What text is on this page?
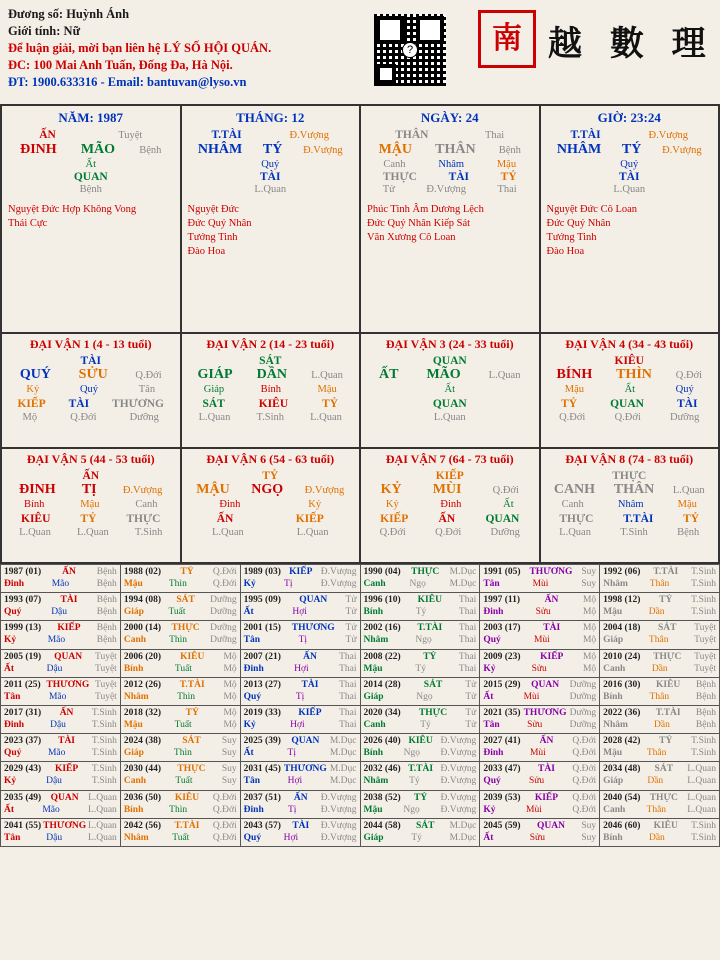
Đương số: Huỳnh Ánh
Giới tính: Nữ
Để luận giải, mời bạn liên hệ LÝ SỐ HỘI QUÁN.
ĐC: 100 Mai Anh Tuấn, Đống Đa, Hà Nội.
ĐT: 1900.633316 - Email: bantuvan@lyso.vn
?	南 越 數 理
NĂM: 1987
ẤN	Tuyệt
ĐINH MÃO Bệnh
Ất
QUAN
Bệnh
Nguyệt Đức Hợp Không Vong
Thái Cực
THÁNG: 12
T.TÀI	Đ.Vượng
NHÂM TÝ Đ.Vượng
Quý
TÀI
L.Quan
Nguyệt Đức
Đức Quý Nhân
Tướng Tinh
Đào Hoa
NGÀY: 24
THÂN	Thai
MẬU THÂN Bệnh
Canh	Nhâm	Mậu
THỰC	TÀI	TỶ
Tử	Đ.Vượng	Thai
Phúc Tinh Âm Dương Lệch
Đức Quý Nhân Kiếp Sát
Văn Xương Cô Loan
GIỜ: 23:24
T.TÀI	Đ.Vượng
NHÂM TÝ Đ.Vượng
Quý
TÀI
L.Quan
Nguyệt Đức Cô Loan
Đức Quý Nhân
Tướng Tinh
Đào Hoa
ĐẠI VẬN 1 (4 - 13 tuổi)
TÀI
QUÝ SỬU	Q.Đới
Kỷ	Quý	Tân
KIẾP TÀI THƯƠNG
Mộ	Q.Đới	Dưỡng
ĐẠI VẬN 2 (14 - 23 tuổi)
SÁT
GIÁP DẦN L.Quan
Giáp	Bính	Mậu
SÁT	KIÊU	TỶ
L.Quan T.Sinh L.Quan
ĐẠI VẬN 3 (24 - 33 tuổi)
QUAN
ẤT MÃO	L.Quan
Ất
QUAN
L.Quan
ĐẠI VẬN 4 (34 - 43 tuổi)
KIÊU
BÍNH THÌN Q.Đới
Mậu	Ất	Quý
TỶ	QUAN	TÀI
Q.Đới	Q.Đới	Dưỡng
ĐẠI VẬN 5 (44 - 53 tuổi)
ẤN
ĐINH TỊ Đ.Vượng
Bính	Mậu	Canh
KIÊU	TỶ	THỰC
L.Quan L.Quan T.Sinh
ĐẠI VẬN 6 (54 - 63 tuổi)
TỶ
MẬU NGỌ Đ.Vượng
Đinh	Kỷ
ẤN	KIẾP
L.Quan	L.Quan
ĐẠI VẬN 7 (64 - 73 tuổi)
KIẾP
KỶ MÙI	Q.Đới
Kỷ	Đinh	Ất
KIẾP	ẤN	QUAN
Q.Đới	Q.Đới	Dưỡng
ĐẠI VẬN 8 (74 - 83 tuổi)
THỰC
CANH THÂN L.Quan
Canh	Nhâm	Mậu
THỰC	T.TÀI	TỶ
L.Quan	T.Sinh	Bệnh
1987 (01) ẤN Bệnh
Đinh	Mão	Bệnh
1988 (02) TỶ Q.Đới
Mậu	Thìn	Q.Đới
1989 (03) KIẾP Đ.Vượng
Kỷ	Tị	Đ.Vượng
1990 (04) THỰC M.Dục
Canh	Ngọ	M.Dục
1991 (05) THƯƠNG Suy
Tân	Mùi	Suy
1992 (06) T.TÀI T.Sinh
Nhâm Thân T.Sinh
1993 (07) TÀI Bệnh
Quý	Dậu	Bệnh
1994 (08) SÁT Dưỡng
Giáp	Tuất	Dưỡng
1995 (09) QUAN Tử
Ất	Hợi	Tử
1996 (10) KIÊU Thai
Bính	Tý	Thai
1997 (11)	ẤN	Mộ
Đinh	Sửu	Mộ
1998 (12) TỶ T.Sinh
Mậu	Dần	T.Sinh
1999 (13) KIẾP Bệnh
Kỷ	Mão	Bệnh
2000 (14) THỰC Dưỡng
Canh Thìn Dưỡng
2001 (15) THƯƠNG Tử
Tân	Tị	Tử
2002 (16) T.TÀI Thai
Nhâm	Ngọ	Thai
2003 (17) TÀI Mộ
Quý	Mùi	Mộ
2004 (18) SÁT Tuyệt
Giáp	Thân	Tuyệt
2005 (19) QUAN Tuyệt
Ất	Dậu	Tuyệt
2006 (20) KIÊU Mộ
Bính	Tuất	Mộ
2007 (21) ẤN Thai
Đinh	Hợi	Thai
2008 (22) TỶ Thai
Mậu	Tý	Thai
2009 (23) KIẾP Mộ
Kỷ	Sửu	Mộ
2010 (24) THỰC Tuyệt
Canh	Dần	Tuyệt
2011 (25) THƯƠNG Tuyệt
Tân	Mão	Tuyệt
2012 (26) T.TÀI Mộ
Nhâm	Thìn	Mộ
2013 (27) TÀI Thai
Quý	Tị	Thai
2014 (28) SÁT Tử
Giáp	Ngọ	Tử
2015 (29) QUAN Dưỡng
Ất	Mùi	Dưỡng
2016 (30) KIÊU Bệnh
Bính	Thân	Bệnh
2017 (31) ẤN T.Sinh
Đinh	Dậu	T.Sinh
2018 (32)	TỶ	Mộ
Mậu	Tuất	Mộ
2019 (33) KIẾP Thai
Kỷ	Hợi	Thai
2020 (34) THỰC Tử
Canh	Tý	Tử
2021 (35) THƯƠNG Dưỡng
Tân	Sửu	Dưỡng
2022 (36) T.TÀI Bệnh
Nhâm	Dần	Bệnh
2023 (37) TÀI T.Sinh
Quý	Mão	T.Sinh
2024 (38) SÁT Suy
Giáp	Thìn	Suy
2025 (39) QUAN M.Dục
Ất	Tị	M.Dục
2026 (40) KIÊU Đ.Vượng
Bính Ngọ Đ.Vượng
2027 (41) ẤN Q.Đới
Đinh	Mùi	Q.Đới
2028 (42) TỶ T.Sinh
Mậu	Thân	T.Sinh
2029 (43) KIẾP T.Sinh
Kỷ	Dậu	T.Sinh
2030 (44) THỰC Suy
Canh	Tuất	Suy
2031 (45) THƯƠNG M.Dục
Tân	Hợi	M.Dục
2032 (46) T.TÀI Đ.Vượng
Nhâm Tý Đ.Vượng
2033 (47) TÀI Q.Đới
Quý	Sửu	Q.Đới
2034 (48) SÁT L.Quan
Giáp	Dần	L.Quan
2035 (49) QUAN L.Quan
Ất	Mão	L.Quan
2036 (50) KIÊU Q.Đới
Bính	Thìn	Q.Đới
2037 (51) ẤN Đ.Vượng
Đinh	Tị	Đ.Vượng
2038 (52) TỶ Đ.Vượng
Mậu Ngọ Đ.Vượng
2039 (53) KIẾP Q.Đới
Kỷ	Mùi	Q.Đới
2040 (54) THỰC L.Quan
Canh Thân L.Quan
2041 (55) THƯƠNG L.Quan
Tân	Dậu	L.Quan
2042 (56) T.TÀI Q.Đới
Nhâm Tuất Q.Đới
2043 (57) TÀI Đ.Vượng
Quý Hợi Đ.Vượng
2044 (58) SÁT M.Dục
Giáp	Tý	M.Dục
2045 (59) QUAN Suy
Ất	Sửu	Suy
2046 (60) KIÊU T.Sinh
Bính	Dần	T.Sinh
